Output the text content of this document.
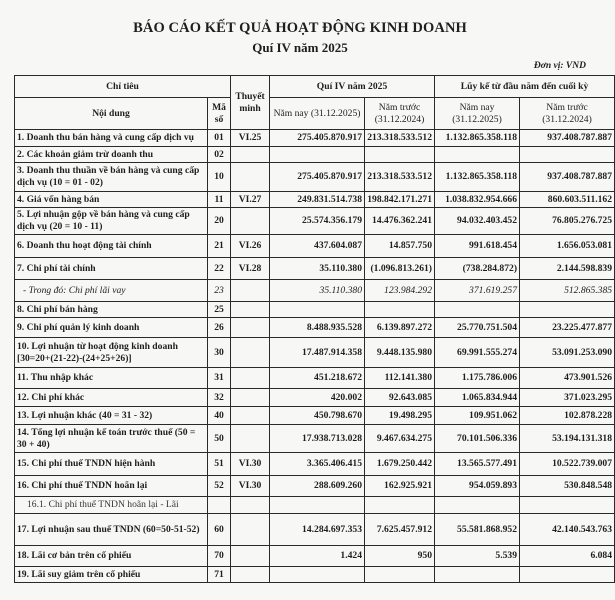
BÁO CÁO KẾT QUẢ HOẠT ĐỘNG KINH DOANH
Quí IV năm 2025
Đơn vị: VND
Chỉ tiêu		Thuyết minh	Quí IV năm 2025		Lũy kế từ đầu năm đến cuối kỳ	
Nội dung	Mã số		Năm nay (31.12.2025)	Năm trước (31.12.2024)	Năm nay (31.12.2025)	Năm trước (31.12.2024)
1. Doanh thu bán hàng và cung cấp dịch vụ	01	VI.25	275.405.870.917	213.318.533.512	1.132.865.358.118	937.408.787.887
2. Các khoản giảm trừ doanh thu	02					
3. Doanh thu thuần về bán hàng và cung cấp dịch vụ (10 = 01 - 02)	10		275.405.870.917	213.318.533.512	1.132.865.358.118	937.408.787.887
4. Giá vốn hàng bán	11	VI.27	249.831.514.738	198.842.171.271	1.038.832.954.666	860.603.511.162
5. Lợi nhuận gộp về bán hàng và cung cấp dịch vụ (20 = 10 - 11)	20		25.574.356.179	14.476.362.241	94.032.403.452	76.805.276.725
6. Doanh thu hoạt động tài chính	21	VI.26	437.604.087	14.857.750	991.618.454	1.656.053.081
7. Chi phí tài chính	22	VI.28	35.110.380	(1.096.813.261)	(738.284.872)	2.144.598.839
- Trong đó: Chi phí lãi vay	23		35.110.380	123.984.292	371.619.257	512.865.385
8. Chi phí bán hàng	25					
9. Chi phí quản lý kinh doanh	26		8.488.935.528	6.139.897.272	25.770.751.504	23.225.477.877
10. Lợi nhuận từ hoạt động kinh doanh [30=20+(21-22)-(24+25+26)]	30		17.487.914.358	9.448.135.980	69.991.555.274	53.091.253.090
11. Thu nhập khác	31		451.218.672	112.141.380	1.175.786.006	473.901.526
12. Chi phí khác	32		420.002	92.643.085	1.065.834.944	371.023.295
13. Lợi nhuận khác (40 = 31 - 32)	40		450.798.670	19.498.295	109.951.062	102.878.228
14. Tổng lợi nhuận kế toán trước thuế (50 = 30 + 40)	50		17.938.713.028	9.467.634.275	70.101.506.336	53.194.131.318
15. Chi phí thuế TNDN hiện hành	51	VI.30	3.365.406.415	1.679.250.442	13.565.577.491	10.522.739.007
16. Chi phí thuế TNDN hoãn lại	52	VI.30	288.609.260	162.925.921	954.059.893	530.848.548
16.1. Chi phí thuế TNDN hoãn lại - Lãi						
17. Lợi nhuận sau thuế TNDN (60=50-51-52)	60		14.284.697.353	7.625.457.912	55.581.868.952	42.140.543.763
18. Lãi cơ bản trên cổ phiếu	70		1.424	950	5.539	6.084
19. Lãi suy giảm trên cổ phiếu	71					
